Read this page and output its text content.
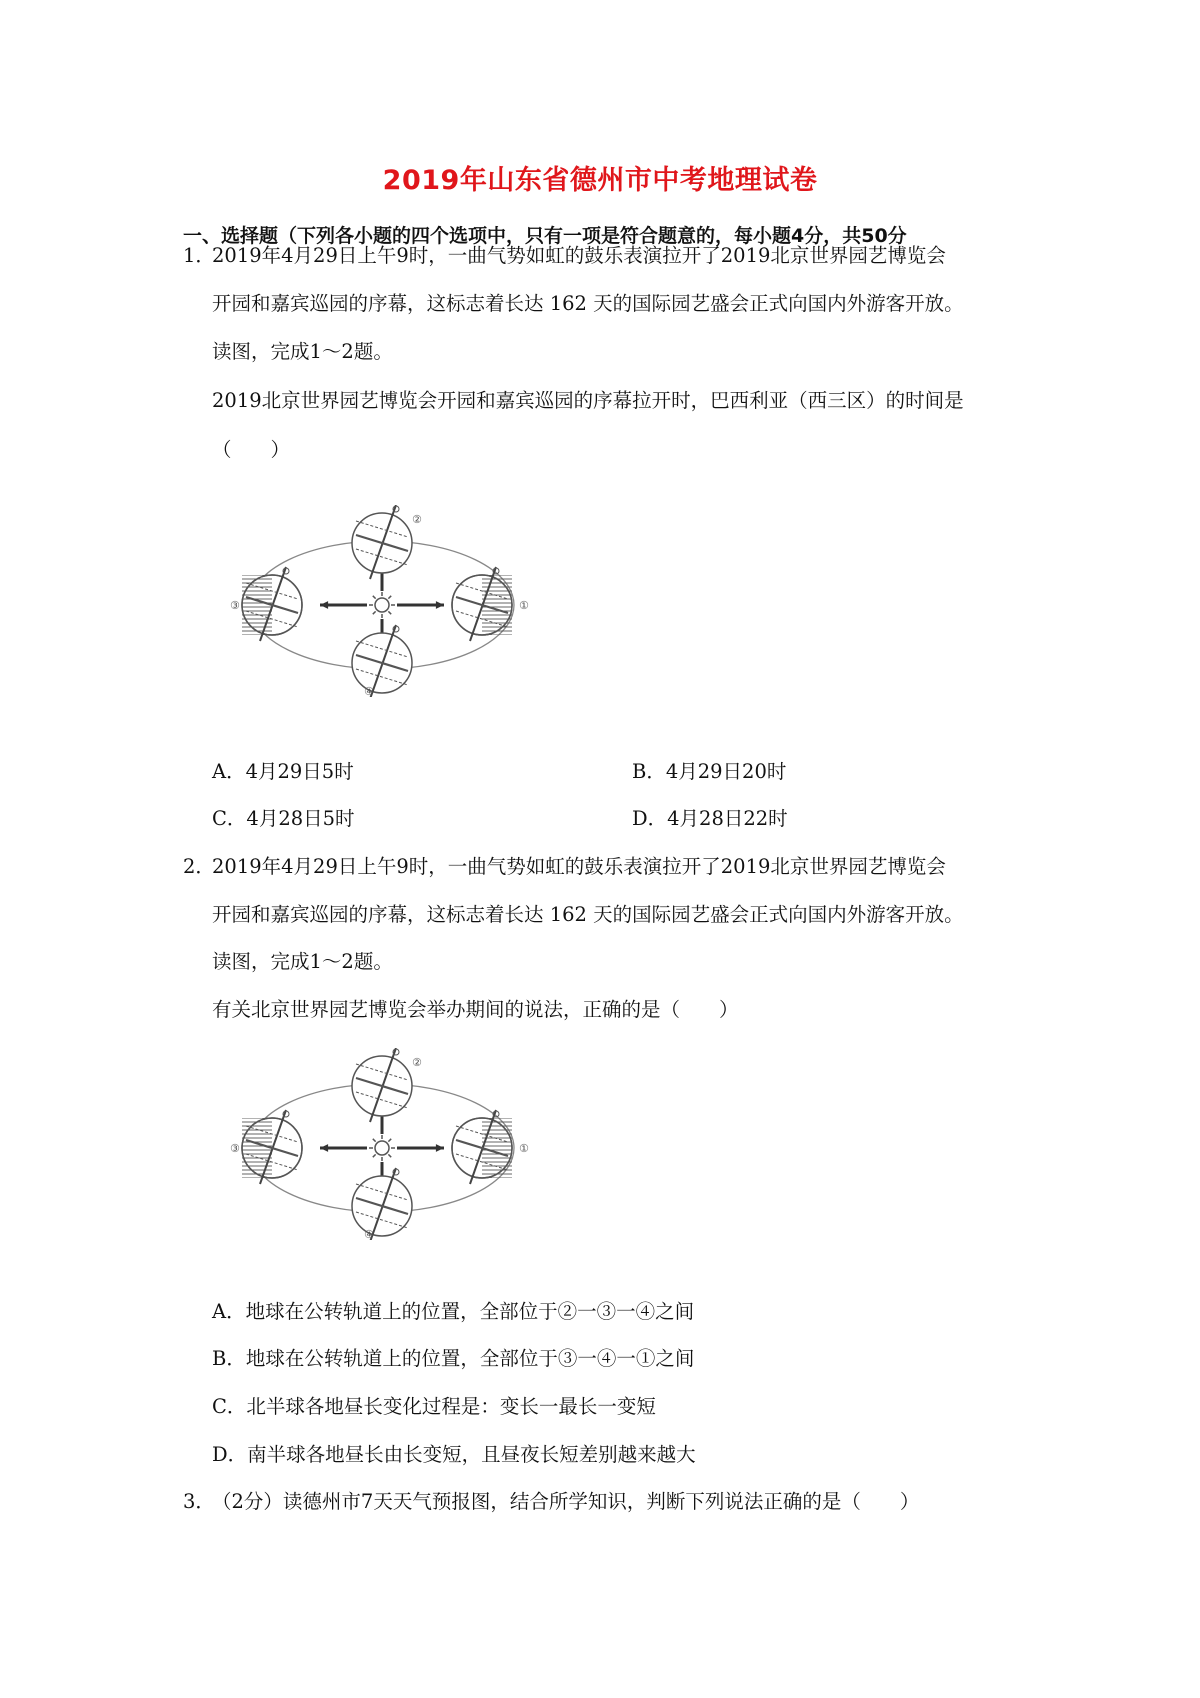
2019年山东省德州市中考地理试卷
一、选择题（下列各小题的四个选项中，只有一项是符合题意的，每小题4分，共50分
1．
2019年4月29日上午9时，一曲气势如虹的鼓乐表演拉开了2019北京世界园艺博览会
开园和嘉宾巡园的序幕，这标志着长达 162 天的国际园艺盛会正式向国内外游客开放。
读图，完成1～2题。
2019北京世界园艺博览会开园和嘉宾巡园的序幕拉开时，巴西利亚（西三区）的时间是
（　　）
②
①
③
④
A．4月29日5时	B．4月29日20时
C．4月28日5时	D．4月28日22时
2．
2019年4月29日上午9时，一曲气势如虹的鼓乐表演拉开了2019北京世界园艺博览会
开园和嘉宾巡园的序幕，这标志着长达 162 天的国际园艺盛会正式向国内外游客开放。
读图，完成1～2题。
有关北京世界园艺博览会举办期间的说法，正确的是（　　）
②
①
③
④
A．地球在公转轨道上的位置，全部位于②一③一④之间
B．地球在公转轨道上的位置，全部位于③一④一①之间
C．北半球各地昼长变化过程是：变长一最长一变短
D．南半球各地昼长由长变短，且昼夜长短差别越来越大
3．
（2分）读德州市7天天气预报图，结合所学知识，判断下列说法正确的是（　　）
